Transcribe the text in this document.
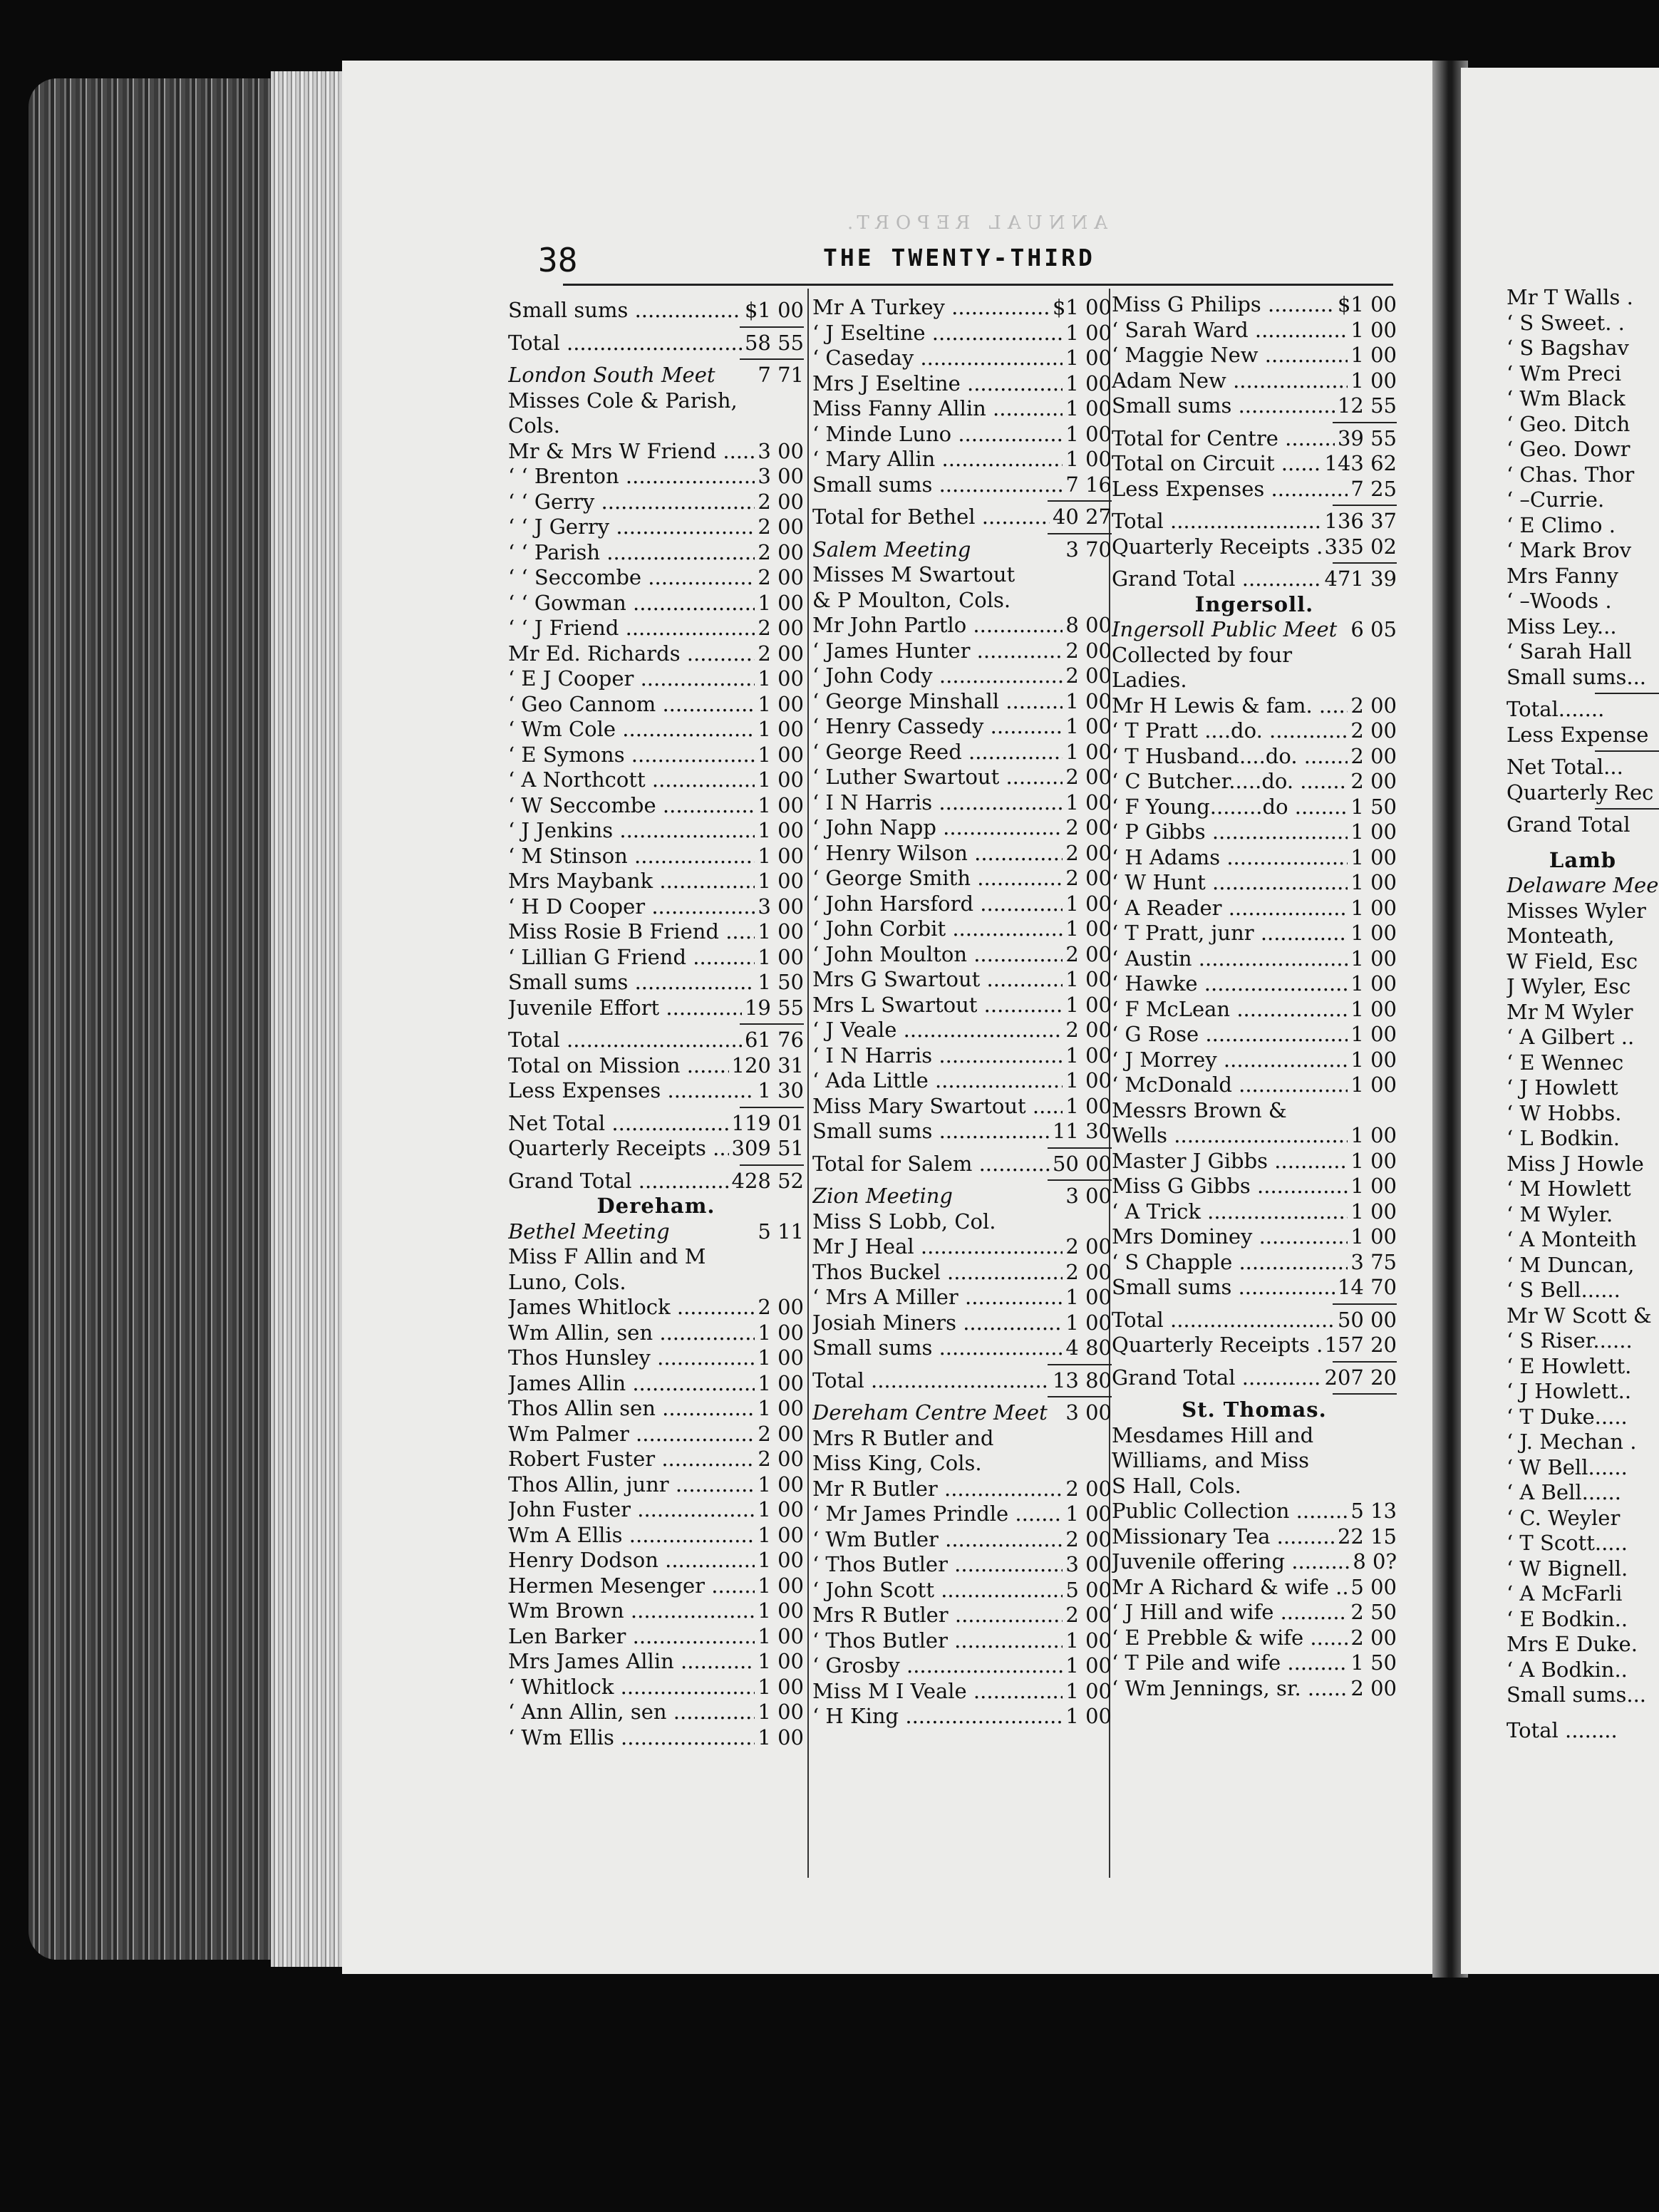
ANNUAL REPORT.
38	THE TWENTY-THIRD
Small sums .....	$1 00
Total .....	58 55
London South Meet	7 71
Misses Cole & Parish,
Cols.
Mr & Mrs W Friend .....	3 00
‘ ‘ Brenton .....	3 00
‘ ‘ Gerry .....	2 00
‘ ‘ J Gerry .....	2 00
‘ ‘ Parish .....	2 00
‘ ‘ Seccombe .....	2 00
‘ ‘ Gowman .....	1 00
‘ ‘ J Friend .....	2 00
Mr Ed. Richards .....	2 00
‘ E J Cooper .....	1 00
‘ Geo Cannom .....	1 00
‘ Wm Cole .....	1 00
‘ E Symons .....	1 00
‘ A Northcott .....	1 00
‘ W Seccombe .....	1 00
‘ J Jenkins .....	1 00
‘ M Stinson .....	1 00
Mrs Maybank .....	1 00
‘ H D Cooper .....	3 00
Miss Rosie B Friend .....	1 00
‘ Lillian G Friend .....	1 00
Small sums .....	1 50
Juvenile Effort .....	19 55
Total .....	61 76
Total on Mission .....	120 31
Less Expenses .....	1 30
Net Total .....	119 01
Quarterly Receipts .....	309 51
Grand Total .....	428 52
Dereham.
Bethel Meeting	5 11
Miss F Allin and M
Luno, Cols.
James Whitlock .....	2 00
Wm Allin, sen .....	1 00
Thos Hunsley .....	1 00
James Allin .....	1 00
Thos Allin sen .....	1 00
Wm Palmer .....	2 00
Robert Fuster .....	2 00
Thos Allin, junr .....	1 00
John Fuster .....	1 00
Wm A Ellis .....	1 00
Henry Dodson .....	1 00
Hermen Mesenger .....	1 00
Wm Brown .....	1 00
Len Barker .....	1 00
Mrs James Allin .....	1 00
‘ Whitlock .....	1 00
‘ Ann Allin, sen .....	1 00
‘ Wm Ellis .....	1 00
Mr A Turkey .....	$1 00
‘ J Eseltine .....	1 00
‘ Caseday .....	1 00
Mrs J Eseltine .....	1 00
Miss Fanny Allin .....	1 00
‘ Minde Luno .....	1 00
‘ Mary Allin .....	1 00
Small sums .....	7 16
Total for Bethel .....	40 27
Salem Meeting	3 70
Misses M Swartout
& P Moulton, Cols.
Mr John Partlo .....	8 00
‘ James Hunter .....	2 00
‘ John Cody .....	2 00
‘ George Minshall .....	1 00
‘ Henry Cassedy .....	1 00
‘ George Reed .....	1 00
‘ Luther Swartout .....	2 00
‘ I N Harris .....	1 00
‘ John Napp .....	2 00
‘ Henry Wilson .....	2 00
‘ George Smith .....	2 00
‘ John Harsford .....	1 00
‘ John Corbit .....	1 00
‘ John Moulton .....	2 00
Mrs G Swartout .....	1 00
Mrs L Swartout .....	1 00
‘ J Veale .....	2 00
‘ I N Harris .....	1 00
‘ Ada Little .....	1 00
Miss Mary Swartout .....	1 00
Small sums .....	11 30
Total for Salem .....	50 00
Zion Meeting	3 00
Miss S Lobb, Col.
Mr J Heal .....	2 00
Thos Buckel .....	2 00
‘ Mrs A Miller .....	1 00
Josiah Miners .....	1 00
Small sums .....	4 80
Total .....	13 80
Dereham Centre Meet 3 00
Mrs R Butler and
Miss King, Cols.
Mr R Butler .....	2 00
‘ Mr James Prindle .....	1 00
‘ Wm Butler .....	2 00
‘ Thos Butler .....	3 00
‘ John Scott .....	5 00
Mrs R Butler .....	2 00
‘ Thos Butler .....	1 00
‘ Grosby .....	1 00
Miss M I Veale .....	1 00
‘ H King .....	1 00
Miss G Philips .....	$1 00
‘ Sarah Ward .....	1 00
‘ Maggie New .....	1 00
Adam New .....	1 00
Small sums .....	12 55
Total for Centre .....	39 55
Total on Circuit .....	143 62
Less Expenses .....	7 25
Total .....	136 37
Quarterly Receipts ..... 335 02
Grand Total .....	471 39
Ingersoll.
Ingersoll Public Meet 6 05
Collected by four
Ladies.
Mr H Lewis & fam. .....	2 00
‘ T Pratt ....do. .....	2 00
‘ T Husband....do. .....	2 00
‘ C Butcher.....do. .....	2 00
‘ F Young........do .....	1 50
‘ P Gibbs .....	1 00
‘ H Adams .....	1 00
‘ W Hunt .....	1 00
‘ A Reader .....	1 00
‘ T Pratt, junr .....	1 00
‘ Austin .....	1 00
‘ Hawke .....	1 00
‘ F McLean .....	1 00
‘ G Rose .....	1 00
‘ J Morrey .....	1 00
‘ McDonald .....	1 00
Messrs Brown &
Wells .....	1 00
Master J Gibbs .....	1 00
Miss G Gibbs .....	1 00
‘ A Trick .....	1 00
Mrs Dominey .....	1 00
‘ S Chapple .....	3 75
Small sums .....	14 70
Total .....	50 00
Quarterly Receipts ..... 157 20
Grand Total .....	207 20
St. Thomas.
Mesdames Hill and
Williams, and Miss
S Hall, Cols.
Public Collection .....	5 13
Missionary Tea .....	22 15
Juvenile offering .....	8 0?
Mr A Richard & wife .....	5 00
‘ J Hill and wife .....	2 50
‘ E Prebble & wife .....	2 00
‘ T Pile and wife .....	1 50
‘ Wm Jennings, sr. .....	2 00
Mr T Walls .
‘ S Sweet. .
‘ S Bagshav
‘ Wm Preci
‘ Wm Black
‘ Geo. Ditch
‘ Geo. Dowr
‘ Chas. Thor
‘ –Currie.
‘ E Climo .
‘ Mark Brov
Mrs Fanny
‘ –Woods .
Miss Ley...
‘ Sarah Hall
Small sums...
Total.......
Less Expense
Net Total...
Quarterly Rec
Grand Total
Lamb
Delaware Mee
Misses Wyler
Monteath,
W Field, Esc
J Wyler, Esc
Mr M Wyler
‘ A Gilbert ..
‘ E Wennec
‘ J Howlett
‘ W Hobbs.
‘ L Bodkin.
Miss J Howle
‘ M Howlett
‘ M Wyler.
‘ A Monteith
‘ M Duncan,
‘ S Bell......
Mr W Scott &
‘ S Riser......
‘ E Howlett.
‘ J Howlett..
‘ T Duke.....
‘ J. Mechan .
‘ W Bell......
‘ A Bell......
‘ C. Weyler
‘ T Scott.....
‘ W Bignell.
‘ A McFarli
‘ E Bodkin..
Mrs E Duke.
‘ A Bodkin..
Small sums...
Total ........
